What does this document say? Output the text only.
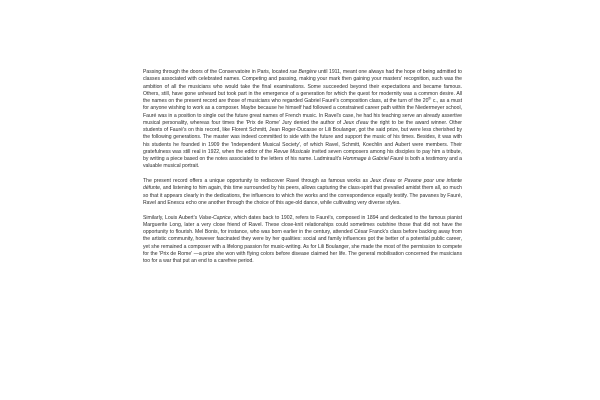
Passing through the doors of the Conservatoire in Paris, located rue Bergère until 1911, meant one always had the hope of being admitted to classes associated with celebrated names. Competing and passing, making your mark then gaining your masters' recognition, such was the ambition of all the musicians who would take the final examinations. Some succeeded beyond their expectations and became famous. Others, still, have gone unheard but took part in the emergence of a generation for which the quest for modernity was a common desire. All the names on the present record are those of musicians who regarded Gabriel Fauré's composition class, at the turn of the 20th c., as a must for anyone wishing to work as a composer. Maybe because he himself had followed a constrained career path within the Niedermeyer school, Fauré was in a position to single out the future great names of French music. In Ravel's case, he had his teaching serve an already assertive musical personality, whereas four times the 'Prix de Rome' Jury denied the author of Jeux d'eau the right to be the award winner. Other students of Fauré's on this record, like Florent Schmitt, Jean Roger-Ducasse or Lili Boulanger, got the said prize, but were less cherished by the following generations. The master was indeed committed to side with the future and support the music of his times. Besides, it was with his students he founded in 1909 the 'Independent Musical Society', of which Ravel, Schmitt, Koechlin and Aubert were members. Their gratefulness was still real in 1922, when the editor of the Revue Musicale invited seven composers among his disciples to pay him a tribute, by writing a piece based on the notes associated to the letters of his name. Ladmirault's Hommage à Gabriel Fauré is both a testimony and a valuable musical portrait.

The present record offers a unique opportunity to rediscover Ravel through as famous works as Jeux d'eau or Pavane pour une infante défunte, and listening to him again, this time surrounded by his peers, allows capturing the class-spirit that prevailed amidst them all, so much so that it appears clearly in the dedications, the influences to which the works and the correspondence equally testify. The pavanes by Fauré, Ravel and Enescu echo one another through the choice of this age-old dance, while cultivating very diverse styles.

Similarly, Louis Aubert's Valse-Caprice, which dates back to 1902, refers to Fauré's, composed in 1894 and dedicated to the famous pianist Marguerite Long, later a very close friend of Ravel. These close-knit relationships could sometimes outshine those that did not have the opportunity to flourish. Mel Bonis, for instance, who was born earlier in the century, attended César Franck's class before backing away from the artistic community, however fascinated they were by her qualities: social and family influences got the better of a potential public career, yet she remained a composer with a lifelong passion for music-writing. As for Lili Boulanger, she made the most of the permission to compete for the 'Prix de Rome' —a prize she won with flying colors before disease claimed her life. The general mobilisation concerned the musicians too for a war that put an end to a carefree period.
